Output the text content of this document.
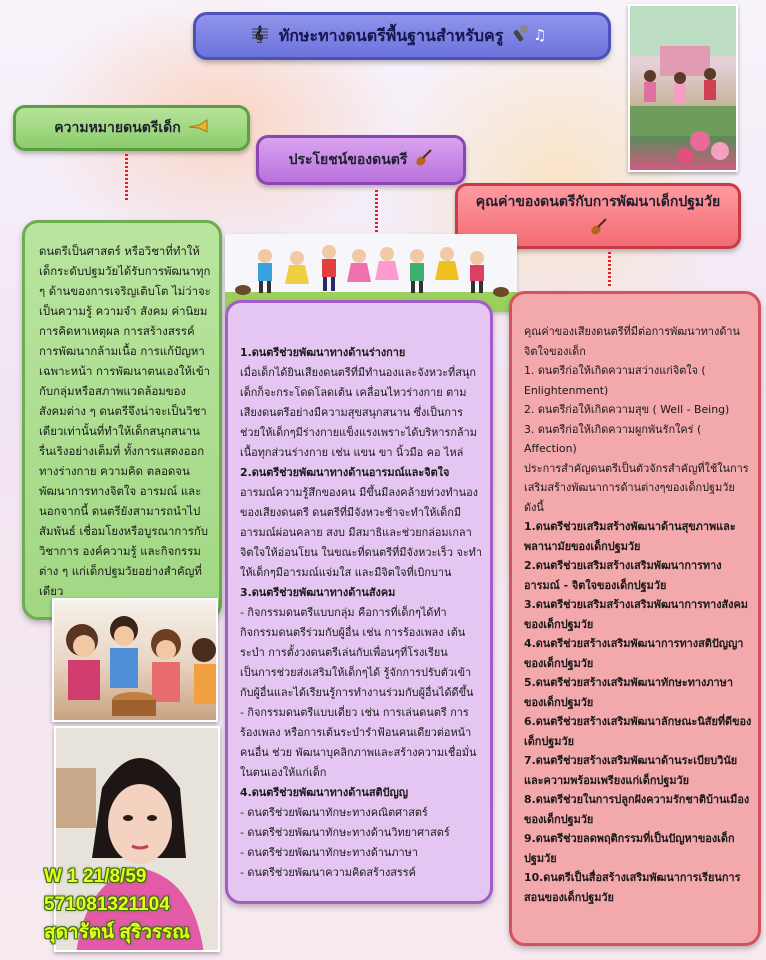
𝄞 ทักษะทางดนตรีพื้นฐานสำหรับครู ♫
ความหมายดนตรีเด็ก
ประโยชน์ของดนตรี
คุณค่าของดนตรีกับการพัฒนาเด็กปฐมวัย

ดนตรีเป็นศาสตร์ หรือวิชาที่ทำให้เด็กระดับปฐมวัยได้รับการพัฒนาทุก ๆ ด้านของการเจริญเติบโต ไม่ว่าจะเป็นความรู้ ความจำ สังคม ค่านิยม การคิดหาเหตุผล การสร้างสรรค์ การพัฒนากล้ามเนื้อ การแก้ปัญหาเฉพาะหน้า การพัฒนาตนเองให้เข้ากับกลุ่มหรือสภาพแวดล้อมของสังคมต่าง ๆ ดนตรีจึงน่าจะเป็นวิชาเดียวเท่านั้นที่ทำให้เด็กสนุกสนานรื่นเริงอย่างเต็มที่ ทั้งการแสดงออกทางร่างกาย ความคิด ตลอดจนพัฒนาการทางจิตใจ อารมณ์ และนอกจากนี้ ดนตรียังสามารถนำไปสัมพันธ์ เชื่อมโยงหรือบูรณาการกับวิชาการ องค์ความรู้ และกิจกรรมต่าง ๆ แก่เด็กปฐมวัยอย่างสำคัญที่เดียว

1.ดนตรีช่วยพัฒนาทางด้านร่างกาย

เมื่อเด็กได้ยินเสียงดนตรีที่มีทำนองและจังหวะที่สนุก เด็กก็จะกระโดดโลดเต้น เคลื่อนไหวร่างกาย ตามเสียงดนตรีอย่างมีความสุขสนุกสนาน ซึ่งเป็นการช่วยให้เด็กๆมีร่างกายแข็งแรงเพราะได้บริหารกล้ามเนื้อทุกส่วนร่างกาย เช่น แขน ขา นิ้วมือ คอ ไหล่

2.ดนตรีช่วยพัฒนาทางด้านอารมณ์และจิตใจ

อารมณ์ความรู้สึกของคน มีขึ้นมีลงคล้ายท่วงทำนองของเสียงดนตรี ดนตรีที่มีจังหวะช้าจะทำให้เด็กมีอารมณ์ผ่อนคลาย สงบ มีสมาธิและช่วยกล่อมเกลาจิตใจให้อ่อนโยน ในขณะที่ดนตรีที่มีจังหวะเร็ว จะทำให้เด็กๆมีอารมณ์แจ่มใส และมีจิตใจที่เบิกบาน

3.ดนตรีช่วยพัฒนาทางด้านสังคม

- กิจกรรมดนตรีแบบกลุ่ม คือการที่เด็กๆได้ทำกิจกรรมดนตรีร่วมกับผู้อื่น เช่น การร้องเพลง เต้นระบำ การตั้งวงดนตรีเล่นกับเพื่อนๆที่โรงเรียน เป็นการช่วยส่งเสริมให้เด็กๆได้ รู้จักการปรับตัวเข้ากับผู้อื่นและได้เรียนรู้การทำงานร่วมกับผู้อื่นได้ดีขึ้น

- กิจกรรมดนตรีแบบเดี่ยว เช่น การเล่นดนตรี การร้องเพลง หรือการเต้นระบำรำฟ้อนคนเดียวต่อหน้าคนอื่น ช่วย พัฒนาบุคลิกภาพและสร้างความเชื่อมั่นในตนเองให้แก่เด็ก

4.ดนตรีช่วยพัฒนาทางด้านสติปัญญ

- ดนตรีช่วยพัฒนาทักษะทางคณิตศาสตร์

- ดนตรีช่วยพัฒนาทักษะทางด้านวิทยาศาสตร์

- ดนตรีช่วยพัฒนาทักษะทางด้านภาษา

- ดนตรีช่วยพัฒนาความคิดสร้างสรรค์

คุณค่าของเสียงดนตรีที่มีต่อการพัฒนาทางด้านจิตใจของเด็ก

1. ดนตรีก่อให้เกิดความสว่างแก่จิตใจ ( Enlightenment)

2. ดนตรีก่อให้เกิดความสุข ( Well - Being)

3. ดนตรีก่อให้เกิดความผูกพันรักใคร่ ( Affection)

ประการสำคัญดนตรีเป็นตัวจักรสำคัญที่ใช้ในการเสริมสร้างพัฒนาการด้านต่างๆของเด็กปฐมวัย ดังนี้

1.ดนตรีช่วยเสริมสร้างพัฒนาด้านสุขภาพและพลานามัยของเด็กปฐมวัย

2.ดนตรีช่วยเสริมสร้างเสริมพัฒนาการทางอารมณ์ - จิตใจของเด็กปฐมวัย

3.ดนตรีช่วยเสริมสร้างเสริมพัฒนาการทางสังคมของเด็กปฐมวัย

4.ดนตรีช่วยสร้างเสริมพัฒนาการทางสติปัญญาของเด็กปฐมวัย

5.ดนตรีช่วยสร้างเสริมพัฒนาทักษะทางภาษาของเด็กปฐมวัย

6.ดนตรีช่วยสร้างเสริมพัฒนาลักษณะนิสัยที่ดีของเด็กปฐมวัย

7.ดนตรีช่วยสร้างเสริมพัฒนาด้านระเบียบวินัยและความพร้อมเพรียงแก่เด็กปฐมวัย

8.ดนตรีช่วยในการปลูกฝังความรักชาติบ้านเมืองของเด็กปฐมวัย

9.ดนตรีช่วยลดพฤติกรรมที่เป็นปัญหาของเด็กปฐมวัย

10.ดนตรีเป็นสื่อสร้างเสริมพัฒนาการเรียนการสอนของเด็กปฐมวัย

W 1 21/8/59
571081321104
สุดารัตน์ สุริวรรณ
